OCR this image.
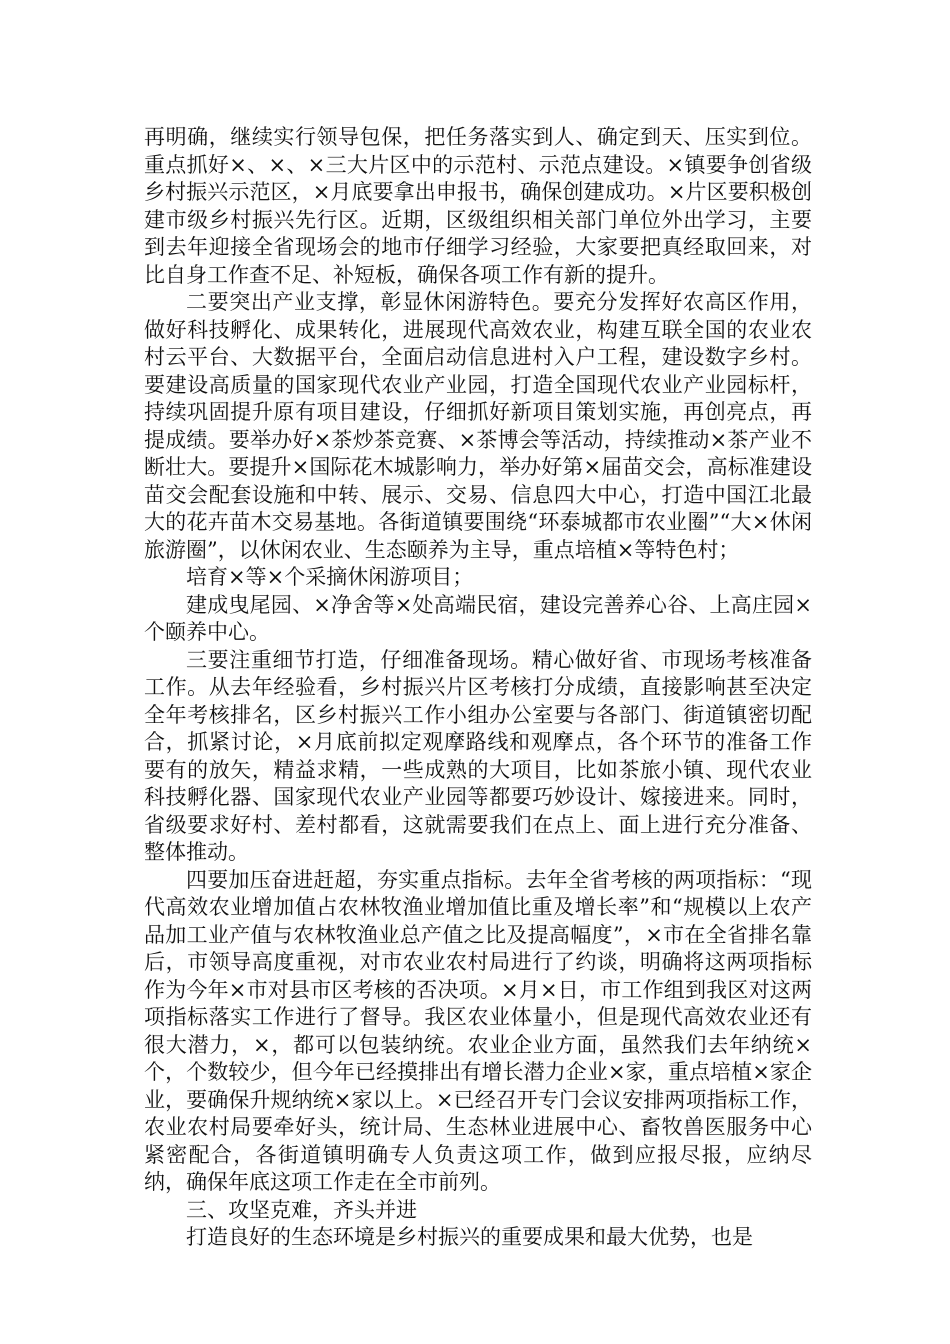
再明确，继续实行领导包保，把任务落实到人、确定到天、压实到位。重点抓好×、×、×三大片区中的示范村、示范点建设。×镇要争创省级乡村振兴示范区，×月底要拿出申报书，确保创建成功。×片区要积极创建市级乡村振兴先行区。近期，区级组织相关部门单位外出学习，主要到去年迎接全省现场会的地市仔细学习经验，大家要把真经取回来，对比自身工作查不足、补短板，确保各项工作有新的提升。

二要突出产业支撑，彰显休闲游特色。要充分发挥好农高区作用，做好科技孵化、成果转化，进展现代高效农业，构建互联全国的农业农村云平台、大数据平台，全面启动信息进村入户工程，建设数字乡村。要建设高质量的国家现代农业产业园，打造全国现代农业产业园标杆，持续巩固提升原有项目建设，仔细抓好新项目策划实施，再创亮点，再提成绩。要举办好×茶炒茶竞赛、×茶博会等活动，持续推动×茶产业不断壮大。要提升×国际花木城影响力，举办好第×届苗交会，高标准建设苗交会配套设施和中转、展示、交易、信息四大中心，打造中国江北最大的花卉苗木交易基地。各街道镇要围绕“环泰城都市农业圈”“大×休闲旅游圈”，以休闲农业、生态颐养为主导，重点培植×等特色村；

培育×等×个采摘休闲游项目；

建成曳尾园、×净舍等×处高端民宿，建设完善养心谷、上高庄园×个颐养中心。

三要注重细节打造，仔细准备现场。精心做好省、市现场考核准备工作。从去年经验看，乡村振兴片区考核打分成绩，直接影响甚至决定全年考核排名，区乡村振兴工作小组办公室要与各部门、街道镇密切配合，抓紧讨论，×月底前拟定观摩路线和观摩点，各个环节的准备工作要有的放矢，精益求精，一些成熟的大项目，比如茶旅小镇、现代农业科技孵化器、国家现代农业产业园等都要巧妙设计、嫁接进来。同时，省级要求好村、差村都看，这就需要我们在点上、面上进行充分准备、整体推动。

四要加压奋进赶超，夯实重点指标。去年全省考核的两项指标：“现代高效农业增加值占农林牧渔业增加值比重及增长率”和“规模以上农产品加工业产值与农林牧渔业总产值之比及提高幅度”，×市在全省排名靠后，市领导高度重视，对市农业农村局进行了约谈，明确将这两项指标作为今年×市对县市区考核的否决项。×月×日，市工作组到我区对这两项指标落实工作进行了督导。我区农业体量小，但是现代高效农业还有很大潜力，×，都可以包装纳统。农业企业方面，虽然我们去年纳统×个，个数较少，但今年已经摸排出有增长潜力企业×家，重点培植×家企业，要确保升规纳统×家以上。×已经召开专门会议安排两项指标工作，农业农村局要牵好头，统计局、生态林业进展中心、畜牧兽医服务中心紧密配合，各街道镇明确专人负责这项工作，做到应报尽报，应纳尽纳，确保年底这项工作走在全市前列。

三、攻坚克难，齐头并进

打造良好的生态环境是乡村振兴的重要成果和最大优势，也是
